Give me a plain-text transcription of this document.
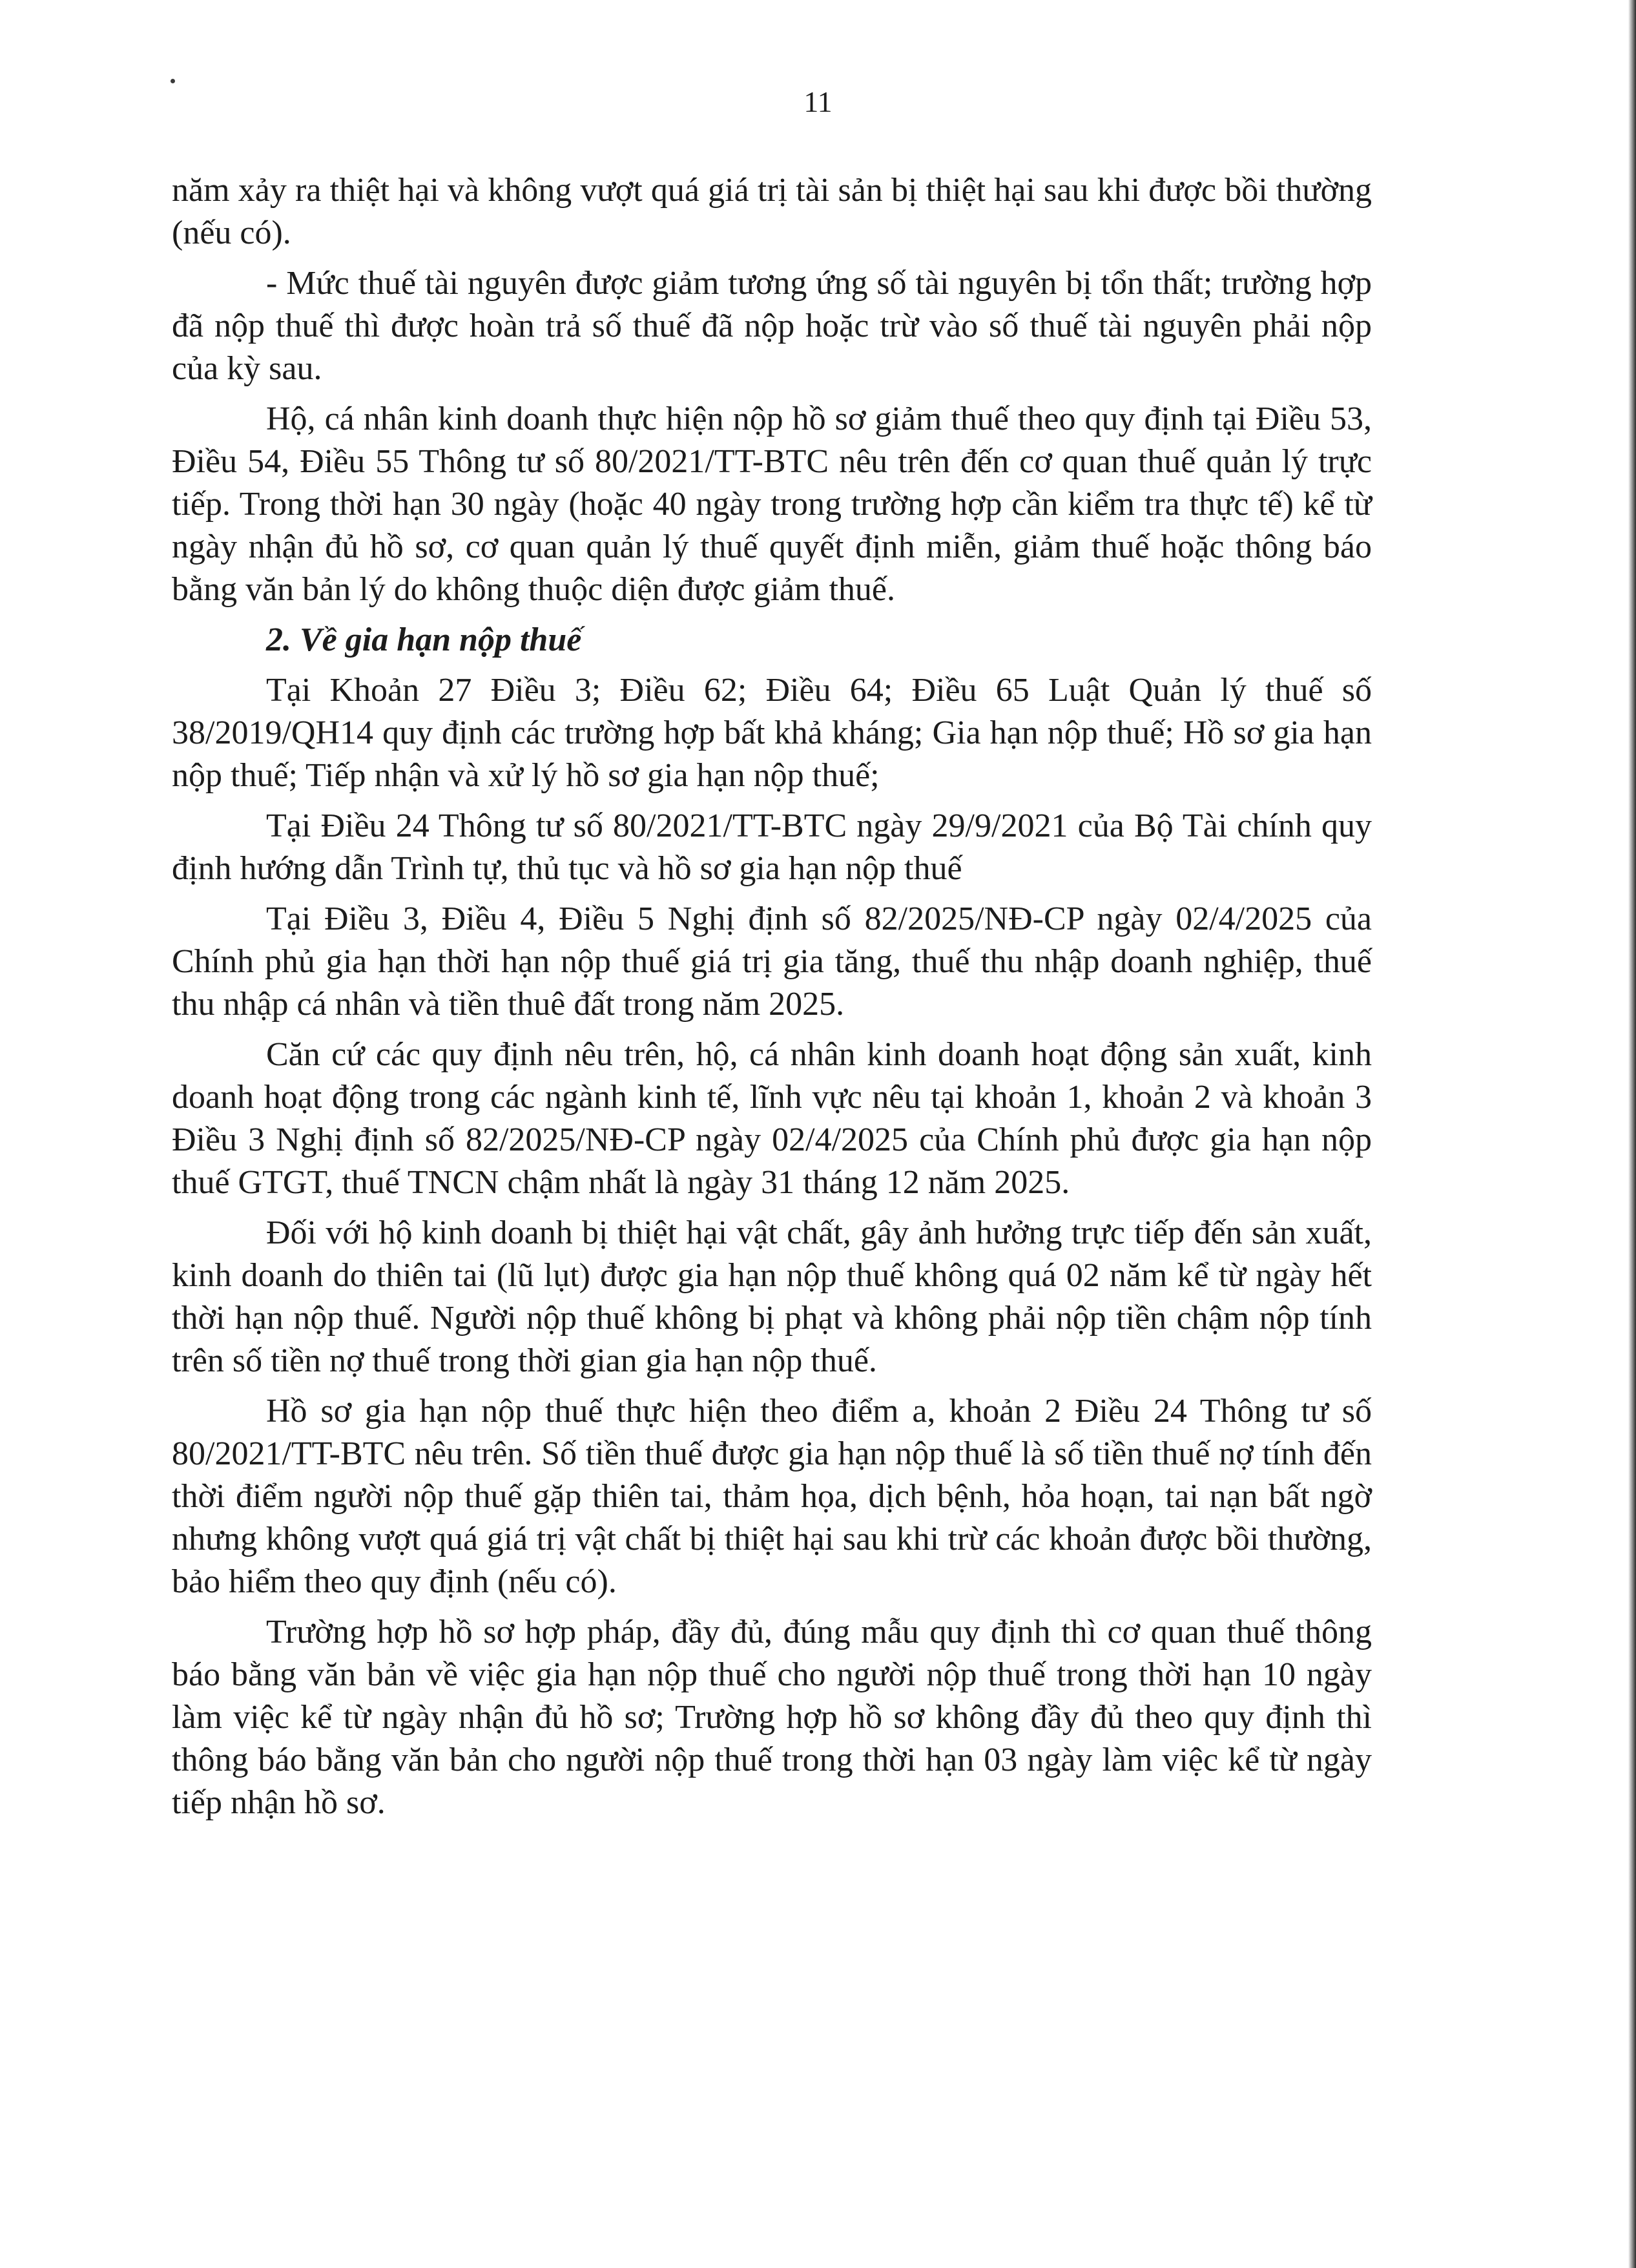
11

năm xảy ra thiệt hại và không vượt quá giá trị tài sản bị thiệt hại sau khi được bồi thường (nếu có).

- Mức thuế tài nguyên được giảm tương ứng số tài nguyên bị tổn thất; trường hợp đã nộp thuế thì được hoàn trả số thuế đã nộp hoặc trừ vào số thuế tài nguyên phải nộp của kỳ sau.

Hộ, cá nhân kinh doanh thực hiện nộp hồ sơ giảm thuế theo quy định tại Điều 53, Điều 54, Điều 55 Thông tư số 80/2021/TT-BTC nêu trên đến cơ quan thuế quản lý trực tiếp. Trong thời hạn 30 ngày (hoặc 40 ngày trong trường hợp cần kiểm tra thực tế) kể từ ngày nhận đủ hồ sơ, cơ quan quản lý thuế quyết định miễn, giảm thuế hoặc thông báo bằng văn bản lý do không thuộc diện được giảm thuế.

2. Về gia hạn nộp thuế

Tại Khoản 27 Điều 3; Điều 62; Điều 64; Điều 65 Luật Quản lý thuế số 38/2019/QH14 quy định các trường hợp bất khả kháng; Gia hạn nộp thuế; Hồ sơ gia hạn nộp thuế; Tiếp nhận và xử lý hồ sơ gia hạn nộp thuế;

Tại Điều 24 Thông tư số 80/2021/TT-BTC ngày 29/9/2021 của Bộ Tài chính quy định hướng dẫn Trình tự, thủ tục và hồ sơ gia hạn nộp thuế

Tại Điều 3, Điều 4, Điều 5 Nghị định số 82/2025/NĐ-CP ngày 02/4/2025 của Chính phủ gia hạn thời hạn nộp thuế giá trị gia tăng, thuế thu nhập doanh nghiệp, thuế thu nhập cá nhân và tiền thuê đất trong năm 2025.

Căn cứ các quy định nêu trên, hộ, cá nhân kinh doanh hoạt động sản xuất, kinh doanh hoạt động trong các ngành kinh tế, lĩnh vực nêu tại khoản 1, khoản 2 và khoản 3 Điều 3 Nghị định số 82/2025/NĐ-CP ngày 02/4/2025 của Chính phủ được gia hạn nộp thuế GTGT, thuế TNCN chậm nhất là ngày 31 tháng 12 năm 2025.

Đối với hộ kinh doanh bị thiệt hại vật chất, gây ảnh hưởng trực tiếp đến sản xuất, kinh doanh do thiên tai (lũ lụt) được gia hạn nộp thuế không quá 02 năm kể từ ngày hết thời hạn nộp thuế. Người nộp thuế không bị phạt và không phải nộp tiền chậm nộp tính trên số tiền nợ thuế trong thời gian gia hạn nộp thuế.

Hồ sơ gia hạn nộp thuế thực hiện theo điểm a, khoản 2 Điều 24 Thông tư số 80/2021/TT-BTC nêu trên. Số tiền thuế được gia hạn nộp thuế là số tiền thuế nợ tính đến thời điểm người nộp thuế gặp thiên tai, thảm họa, dịch bệnh, hỏa hoạn, tai nạn bất ngờ nhưng không vượt quá giá trị vật chất bị thiệt hại sau khi trừ các khoản được bồi thường, bảo hiểm theo quy định (nếu có).

Trường hợp hồ sơ hợp pháp, đầy đủ, đúng mẫu quy định thì cơ quan thuế thông báo bằng văn bản về việc gia hạn nộp thuế cho người nộp thuế trong thời hạn 10 ngày làm việc kể từ ngày nhận đủ hồ sơ; Trường hợp hồ sơ không đầy đủ theo quy định thì thông báo bằng văn bản cho người nộp thuế trong thời hạn 03 ngày làm việc kể từ ngày tiếp nhận hồ sơ.
